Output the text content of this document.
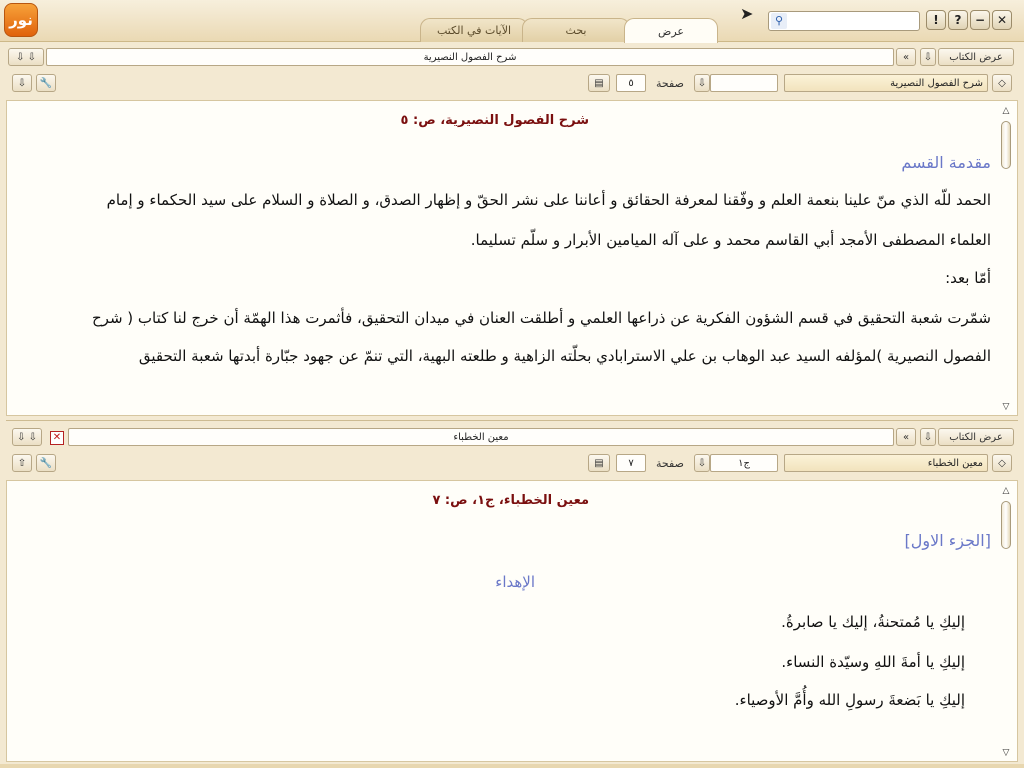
نور
الآيات في الكتب	بحث	عرض
➤	⚲	!	?	− ✕
⇩ ⇩	شرح الفصول النصيرية	«	⇩	عرض الكتاب
⇩	🔧	▤	٥	صفحة	⇩	شرح الفصول النصيرية	◇
شرح الفصول النصيرية، ص: ٥
مقدمة القسم
الحمد للّه الذي منّ علينا بنعمة العلم و وفّقنا لمعرفة الحقائق و أعاننا على نشر الحقّ و إظهار الصدق، و الصلاة و السلام على سيد الحكماء و إمام
العلماء المصطفى الأمجد أبي القاسم محمد و على آله الميامين الأبرار و سلّم تسليما.
أمّا بعد:
شمّرت شعبة التحقيق في قسم الشؤون الفكرية عن ذراعها العلمي و أطلقت العنان في ميدان التحقيق، فأثمرت هذا الهمّة أن خرج لنا كتاب ( شرح
الفصول النصيرية )لمؤلفه السيد عبد الوهاب بن علي الاسترابادي بحلّته الزاهية و طلعته البهية، التي تنمّ عن جهود جبّارة أبدتها شعبة التحقيق
△
▽
⇩ ⇩	✕	معين الخطباء	«	⇩	عرض الكتاب
⇧	🔧	▤	٧	صفحة	⇩	ج١	معين الخطباء	◇
معين الخطباء، ج١، ص: ٧
[الجزء الاول]
الإهداء
إليكِ يا مُمتحنةُ، إليك يا صابرةُ.
إليكِ يا أمةَ اللهِ وسيّدة النساء.
إليكِ يا بَضعةَ رسولِ الله وأُمَّ الأوصياء.
△
▽
